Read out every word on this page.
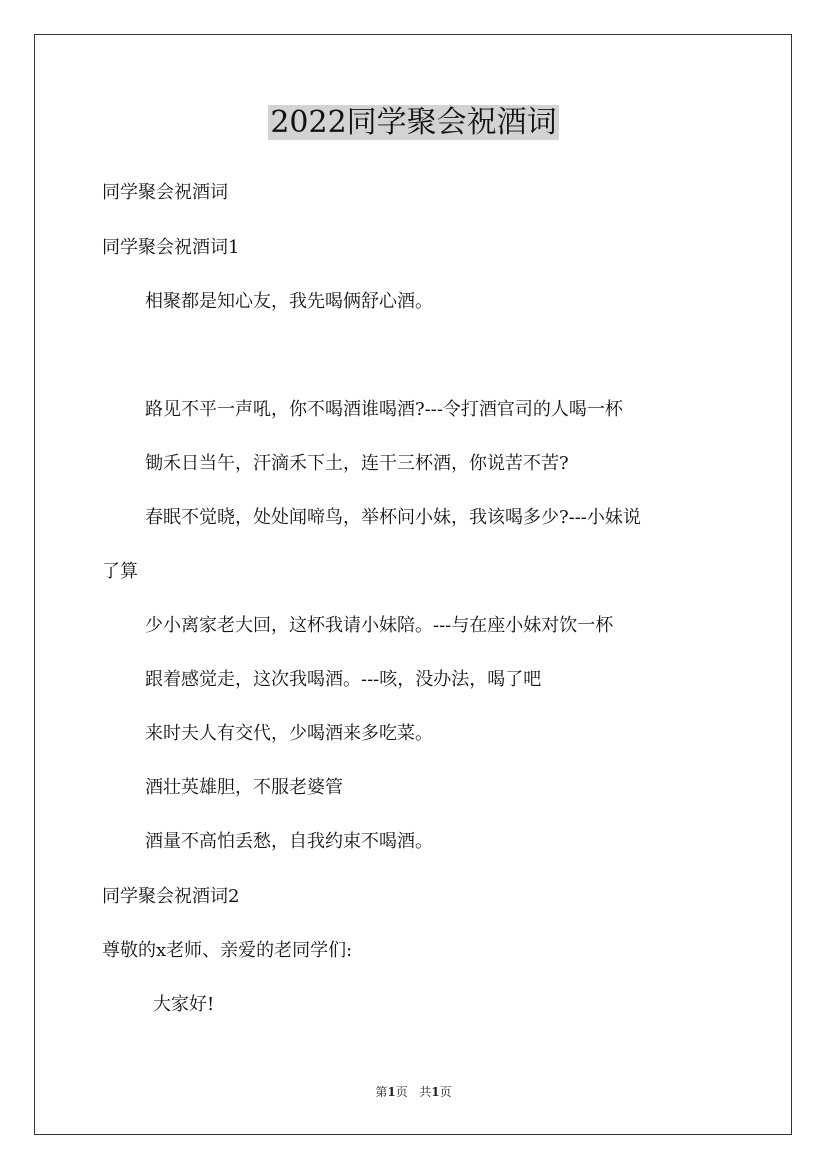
2022同学聚会祝酒词
同学聚会祝酒词
同学聚会祝酒词1
相聚都是知心友，我先喝俩舒心酒。
路见不平一声吼，你不喝酒谁喝酒?---令打酒官司的人喝一杯
锄禾日当午，汗滴禾下土，连干三杯酒，你说苦不苦?
春眠不觉晓，处处闻啼鸟，举杯问小妹，我该喝多少?---小妹说
了算
少小离家老大回，这杯我请小妹陪。---与在座小妹对饮一杯
跟着感觉走，这次我喝酒。---咳，没办法，喝了吧
来时夫人有交代，少喝酒来多吃菜。
酒壮英雄胆，不服老婆管
酒量不高怕丢愁，自我约束不喝酒。
同学聚会祝酒词2
尊敬的x老师、亲爱的老同学们:
大家好!
第1页 共1页
